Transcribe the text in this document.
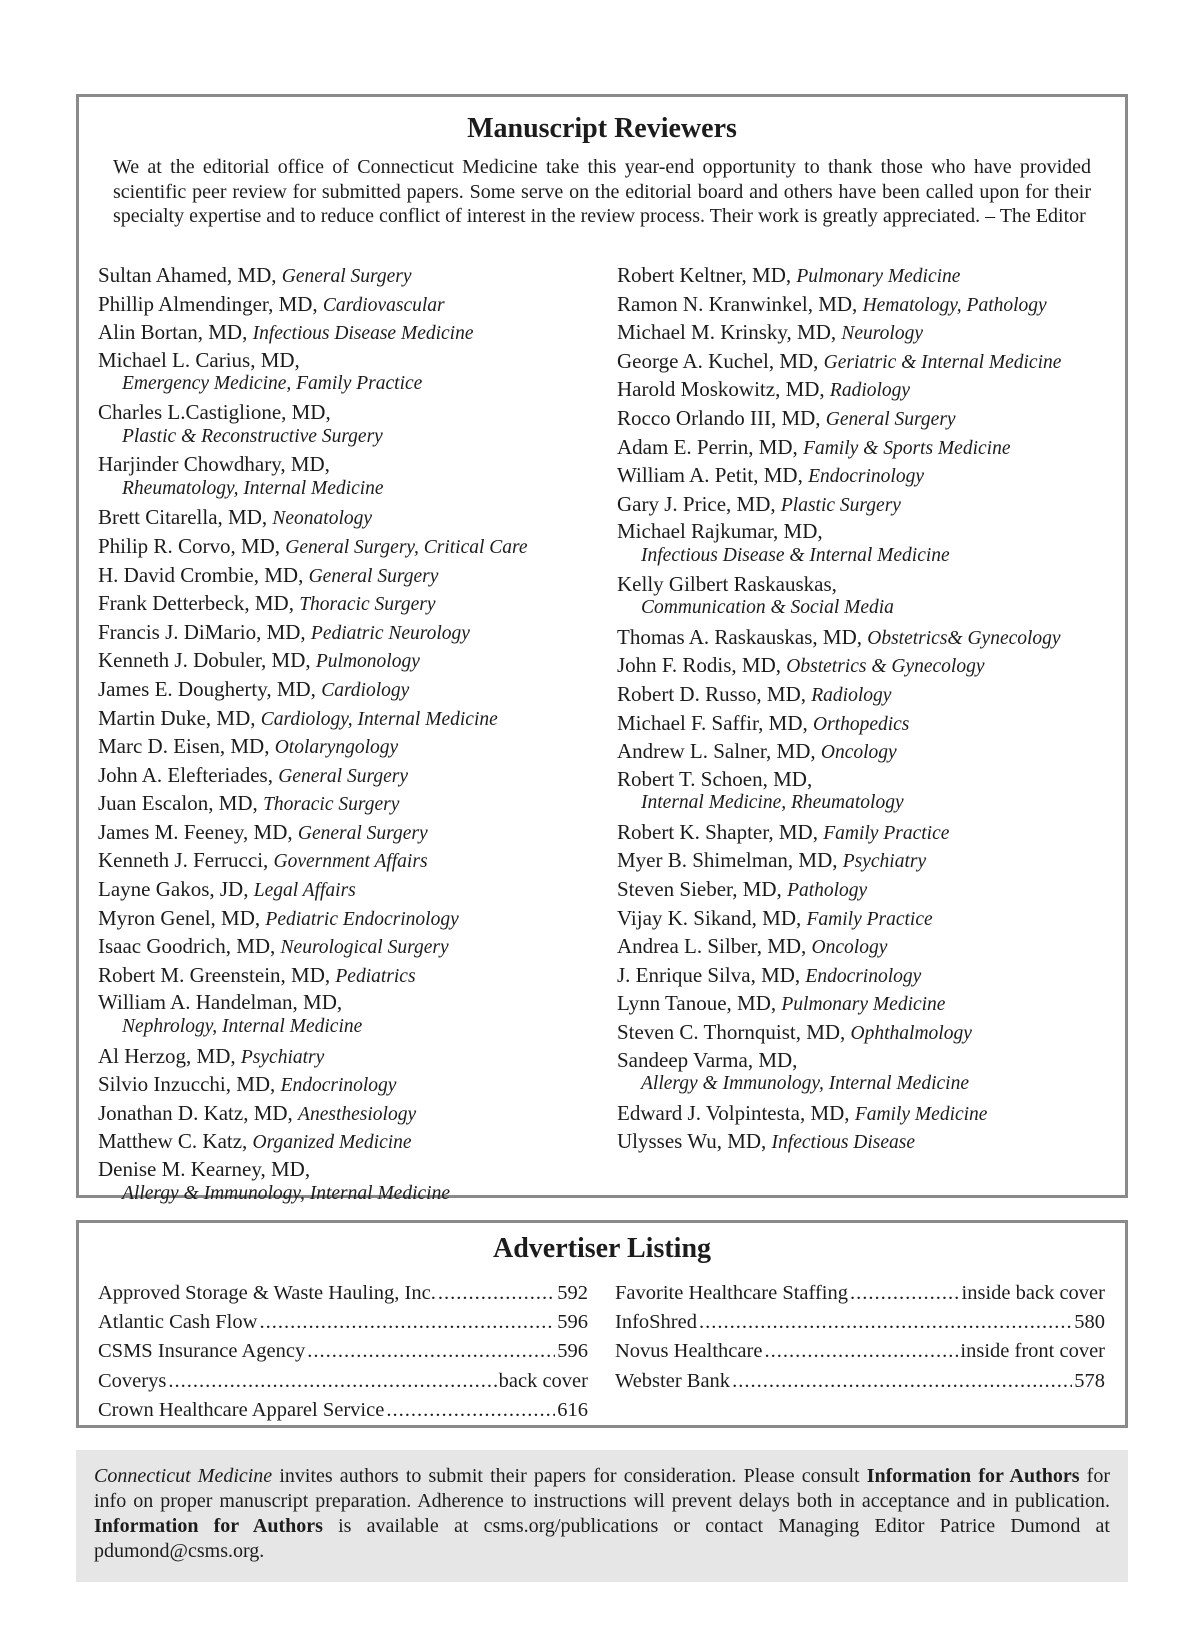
Manuscript Reviewers

We at the editorial office of Connecticut Medicine take this year-end opportunity to thank those who have provided scientific peer review for submitted papers. Some serve on the editorial board and others have been called upon for their specialty expertise and to reduce conflict of interest in the review process. Their work is greatly appreciated. – The Editor

Sultan Ahamed, MD, General Surgery
Phillip Almendinger, MD, Cardiovascular
Alin Bortan, MD, Infectious Disease Medicine
Michael L. Carius, MD,
Emergency Medicine, Family Practice
Charles L.Castiglione, MD,
Plastic & Reconstructive Surgery
Harjinder Chowdhary, MD,
Rheumatology, Internal Medicine
Brett Citarella, MD, Neonatology
Philip R. Corvo, MD, General Surgery, Critical Care
H. David Crombie, MD, General Surgery
Frank Detterbeck, MD, Thoracic Surgery
Francis J. DiMario, MD, Pediatric Neurology
Kenneth J. Dobuler, MD, Pulmonology
James E. Dougherty, MD, Cardiology
Martin Duke, MD, Cardiology, Internal Medicine
Marc D. Eisen, MD, Otolaryngology
John A. Elefteriades, General Surgery
Juan Escalon, MD, Thoracic Surgery
James M. Feeney, MD, General Surgery
Kenneth J. Ferrucci, Government Affairs
Layne Gakos, JD, Legal Affairs
Myron Genel, MD, Pediatric Endocrinology
Isaac Goodrich, MD, Neurological Surgery
Robert M. Greenstein, MD, Pediatrics
William A. Handelman, MD,
Nephrology, Internal Medicine
Al Herzog, MD, Psychiatry
Silvio Inzucchi, MD, Endocrinology
Jonathan D. Katz, MD, Anesthesiology
Matthew C. Katz, Organized Medicine
Denise M. Kearney, MD,
Allergy & Immunology, Internal Medicine
Robert Keltner, MD, Pulmonary Medicine
Ramon N. Kranwinkel, MD, Hematology, Pathology
Michael M. Krinsky, MD, Neurology
George A. Kuchel, MD, Geriatric & Internal Medicine
Harold Moskowitz, MD, Radiology
Rocco Orlando III, MD, General Surgery
Adam E. Perrin, MD, Family & Sports Medicine
William A. Petit, MD, Endocrinology
Gary J. Price, MD, Plastic Surgery
Michael Rajkumar, MD,
Infectious Disease & Internal Medicine
Kelly Gilbert Raskauskas,
Communication & Social Media
Thomas A. Raskauskas, MD, Obstetrics& Gynecology
John F. Rodis, MD, Obstetrics & Gynecology
Robert D. Russo, MD, Radiology
Michael F. Saffir, MD, Orthopedics
Andrew L. Salner, MD, Oncology
Robert T. Schoen, MD,
Internal Medicine, Rheumatology
Robert K. Shapter, MD, Family Practice
Myer B. Shimelman, MD, Psychiatry
Steven Sieber, MD, Pathology
Vijay K. Sikand, MD, Family Practice
Andrea L. Silber, MD, Oncology
J. Enrique Silva, MD, Endocrinology
Lynn Tanoue, MD, Pulmonary Medicine
Steven C. Thornquist, MD, Ophthalmology
Sandeep Varma, MD,
Allergy & Immunology, Internal Medicine
Edward J. Volpintesta, MD, Family Medicine
Ulysses Wu, MD, Infectious Disease
Advertiser Listing
Approved Storage & Waste Hauling, Inc. .....	592
Atlantic Cash Flow .....	596
CSMS Insurance Agency .....	596
Coverys .....	back cover
Crown Healthcare Apparel Service .....	616
Favorite Healthcare Staffing .....	inside back cover
InfoShred .....	580
Novus Healthcare .....	inside front cover
Webster Bank .....	578

Connecticut Medicine invites authors to submit their papers for consideration. Please consult Information for Authors for info on proper manuscript preparation. Adherence to instructions will prevent delays both in acceptance and in publication. Information for Authors is available at csms.org/publications or contact Managing Editor Patrice Dumond at pdumond@csms.org.
